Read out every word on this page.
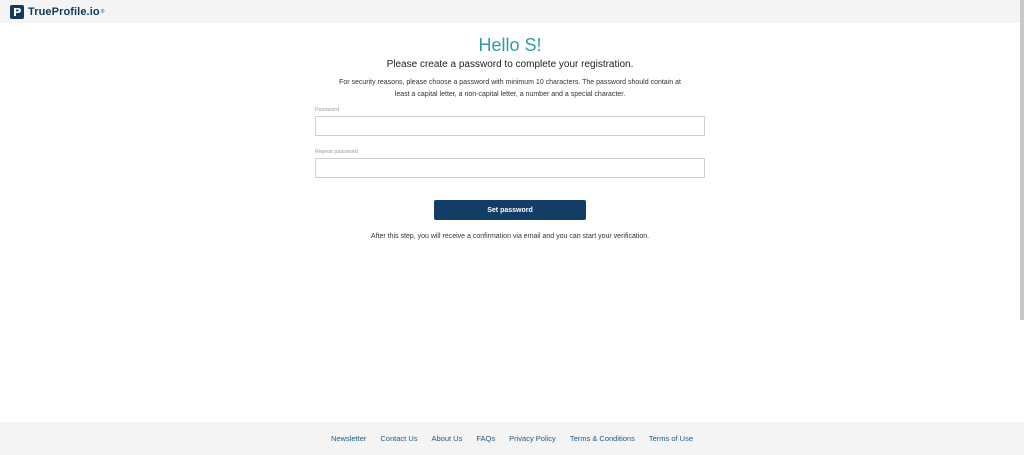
TrueProfile.io ®
Hello S!
Please create a password to complete your registration.
For security reasons, please choose a password with minimum 10 characters. The password should contain at
least a capital letter, a non-capital letter, a number and a special character.
Password
Repeat password
Set password
After this step, you will receive a confirmation via email and you can start your verification.
Newsletter Contact Us About Us FAQs Privacy Policy Terms & Conditions Terms of Use
